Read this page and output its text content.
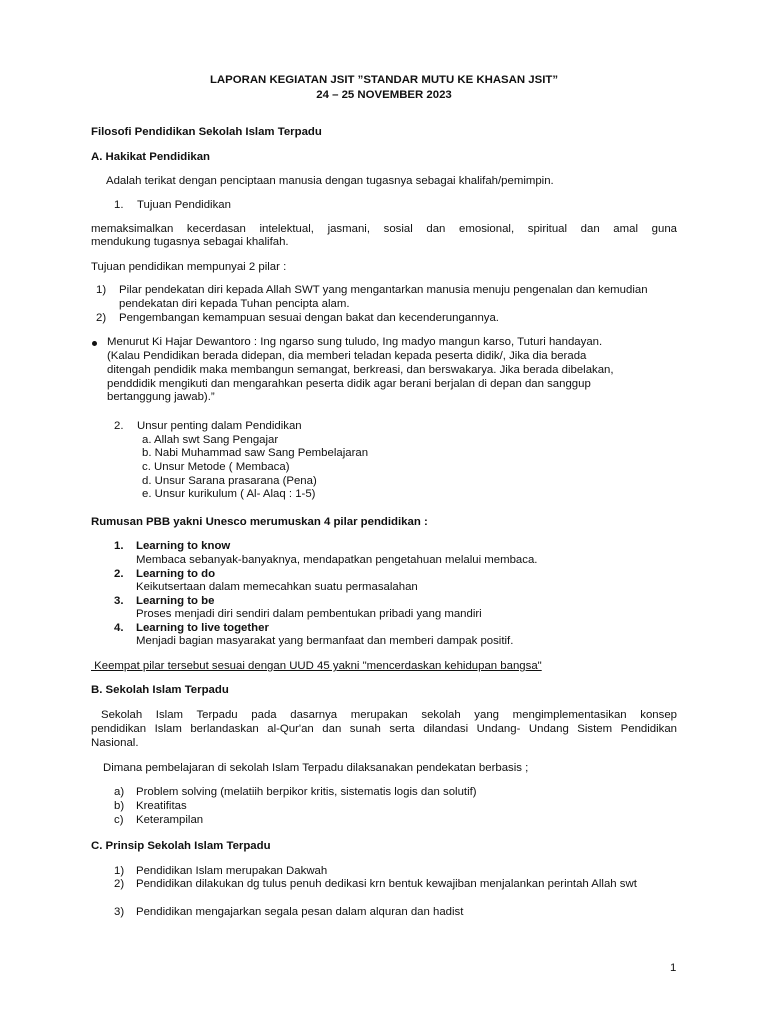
LAPORAN KEGIATAN JSIT ”STANDAR MUTU KE KHASAN JSIT”

24 – 25 NOVEMBER 2023

Filosofi Pendidikan Sekolah Islam Terpadu

A. Hakikat Pendidikan

Adalah terikat dengan penciptaan manusia dengan tugasnya sebagai khalifah/pemimpin.

1. Tujuan Pendidikan

memaksimalkan kecerdasan intelektual, jasmani, sosial dan emosional, spiritual dan amal guna

mendukung tugasnya sebagai khalifah.

Tujuan pendidikan mempunyai 2 pilar :

1) Pilar pendekatan diri kepada Allah SWT yang mengantarkan manusia menuju pengenalan dan kemudian pendekatan diri kepada Tuhan pencipta alam.
2) Pengembangan kemampuan sesuai dengan bakat dan kecenderungannya.

Menurut Ki Hajar Dewantoro : Ing ngarso sung tuludo, Ing madyo mangun karso, Tuturi handayan.

(Kalau Pendidikan berada didepan, dia memberi teladan kepada peserta didik/, Jika dia berada

ditengah pendidik maka membangun semangat, berkreasi, dan berswakarya. Jika berada dibelakan,

penddidik mengikuti dan mengarahkan peserta didik agar berani berjalan di depan dan sanggup

bertanggung jawab).”

2. Unsur penting dalam Pendidikan

a. Allah swt Sang Pengajar

b. Nabi Muhammad saw Sang Pembelajaran

c. Unsur Metode ( Membaca)

d. Unsur Sarana prasarana (Pena)

e. Unsur kurikulum ( Al- Alaq : 1-5)

Rumusan PBB yakni Unesco merumuskan 4 pilar pendidikan :

1. Learning to know

Membaca sebanyak-banyaknya, mendapatkan pengetahuan melalui membaca.

2. Learning to do

Keikutsertaan dalam memecahkan suatu permasalahan

3. Learning to be

Proses menjadi diri sendiri dalam pembentukan pribadi yang mandiri

4. Learning to live together

Menjadi bagian masyarakat yang bermanfaat dan memberi dampak positif.

Keempat pilar tersebut sesuai dengan UUD 45 yakni "mencerdaskan kehidupan bangsa"

B. Sekolah Islam Terpadu

Sekolah Islam Terpadu pada dasarnya merupakan sekolah yang mengimplementasikan konsep

pendidikan Islam berlandaskan al-Qur'an dan sunah serta dilandasi Undang- Undang Sistem Pendidikan

Nasional.

Dimana pembelajaran di sekolah Islam Terpadu dilaksanakan pendekatan berbasis ;

a) Problem solving (melatiih berpikor kritis, sistematis logis dan solutif)
b) Kreatifitas
c) Keterampilan

C. Prinsip Sekolah Islam Terpadu

1) Pendidikan Islam merupakan Dakwah
2) Pendidikan dilakukan dg tulus penuh dedikasi krn bentuk kewajiban menjalankan perintah Allah swt
3) Pendidikan mengajarkan segala pesan dalam alquran dan hadist

1
